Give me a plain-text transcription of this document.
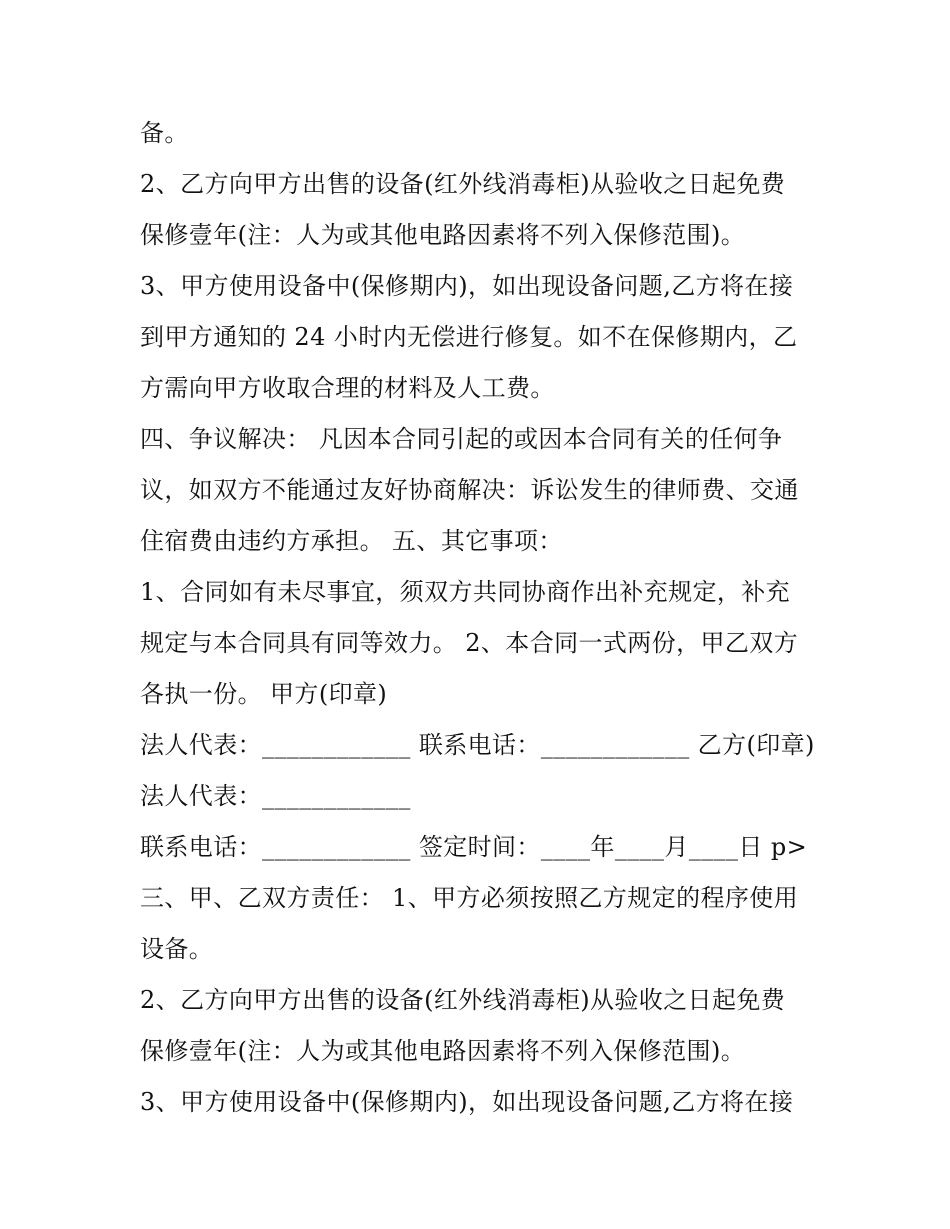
备。
2、乙方向甲方出售的设备(红外线消毒柜)从验收之日起免费
保修壹年(注：人为或其他电路因素将不列入保修范围)。
3、甲方使用设备中(保修期内)，如出现设备问题,乙方将在接
到甲方通知的 24 小时内无偿进行修复。如不在保修期内，乙
方需向甲方收取合理的材料及人工费。
四、争议解决： 凡因本合同引起的或因本合同有关的任何争
议，如双方不能通过友好协商解决：诉讼发生的律师费、交通
住宿费由违约方承担。 五、其它事项：
1、合同如有未尽事宜，须双方共同协商作出补充规定，补充
规定与本合同具有同等效力。 2、本合同一式两份，甲乙双方
各执一份。 甲方(印章)
法人代表：____________ 联系电话：____________ 乙方(印章)
法人代表：____________
联系电话：____________ 签定时间：____年____月____日 p>
三、甲、乙双方责任： 1、甲方必须按照乙方规定的程序使用
设备。
2、乙方向甲方出售的设备(红外线消毒柜)从验收之日起免费
保修壹年(注：人为或其他电路因素将不列入保修范围)。
3、甲方使用设备中(保修期内)，如出现设备问题,乙方将在接
